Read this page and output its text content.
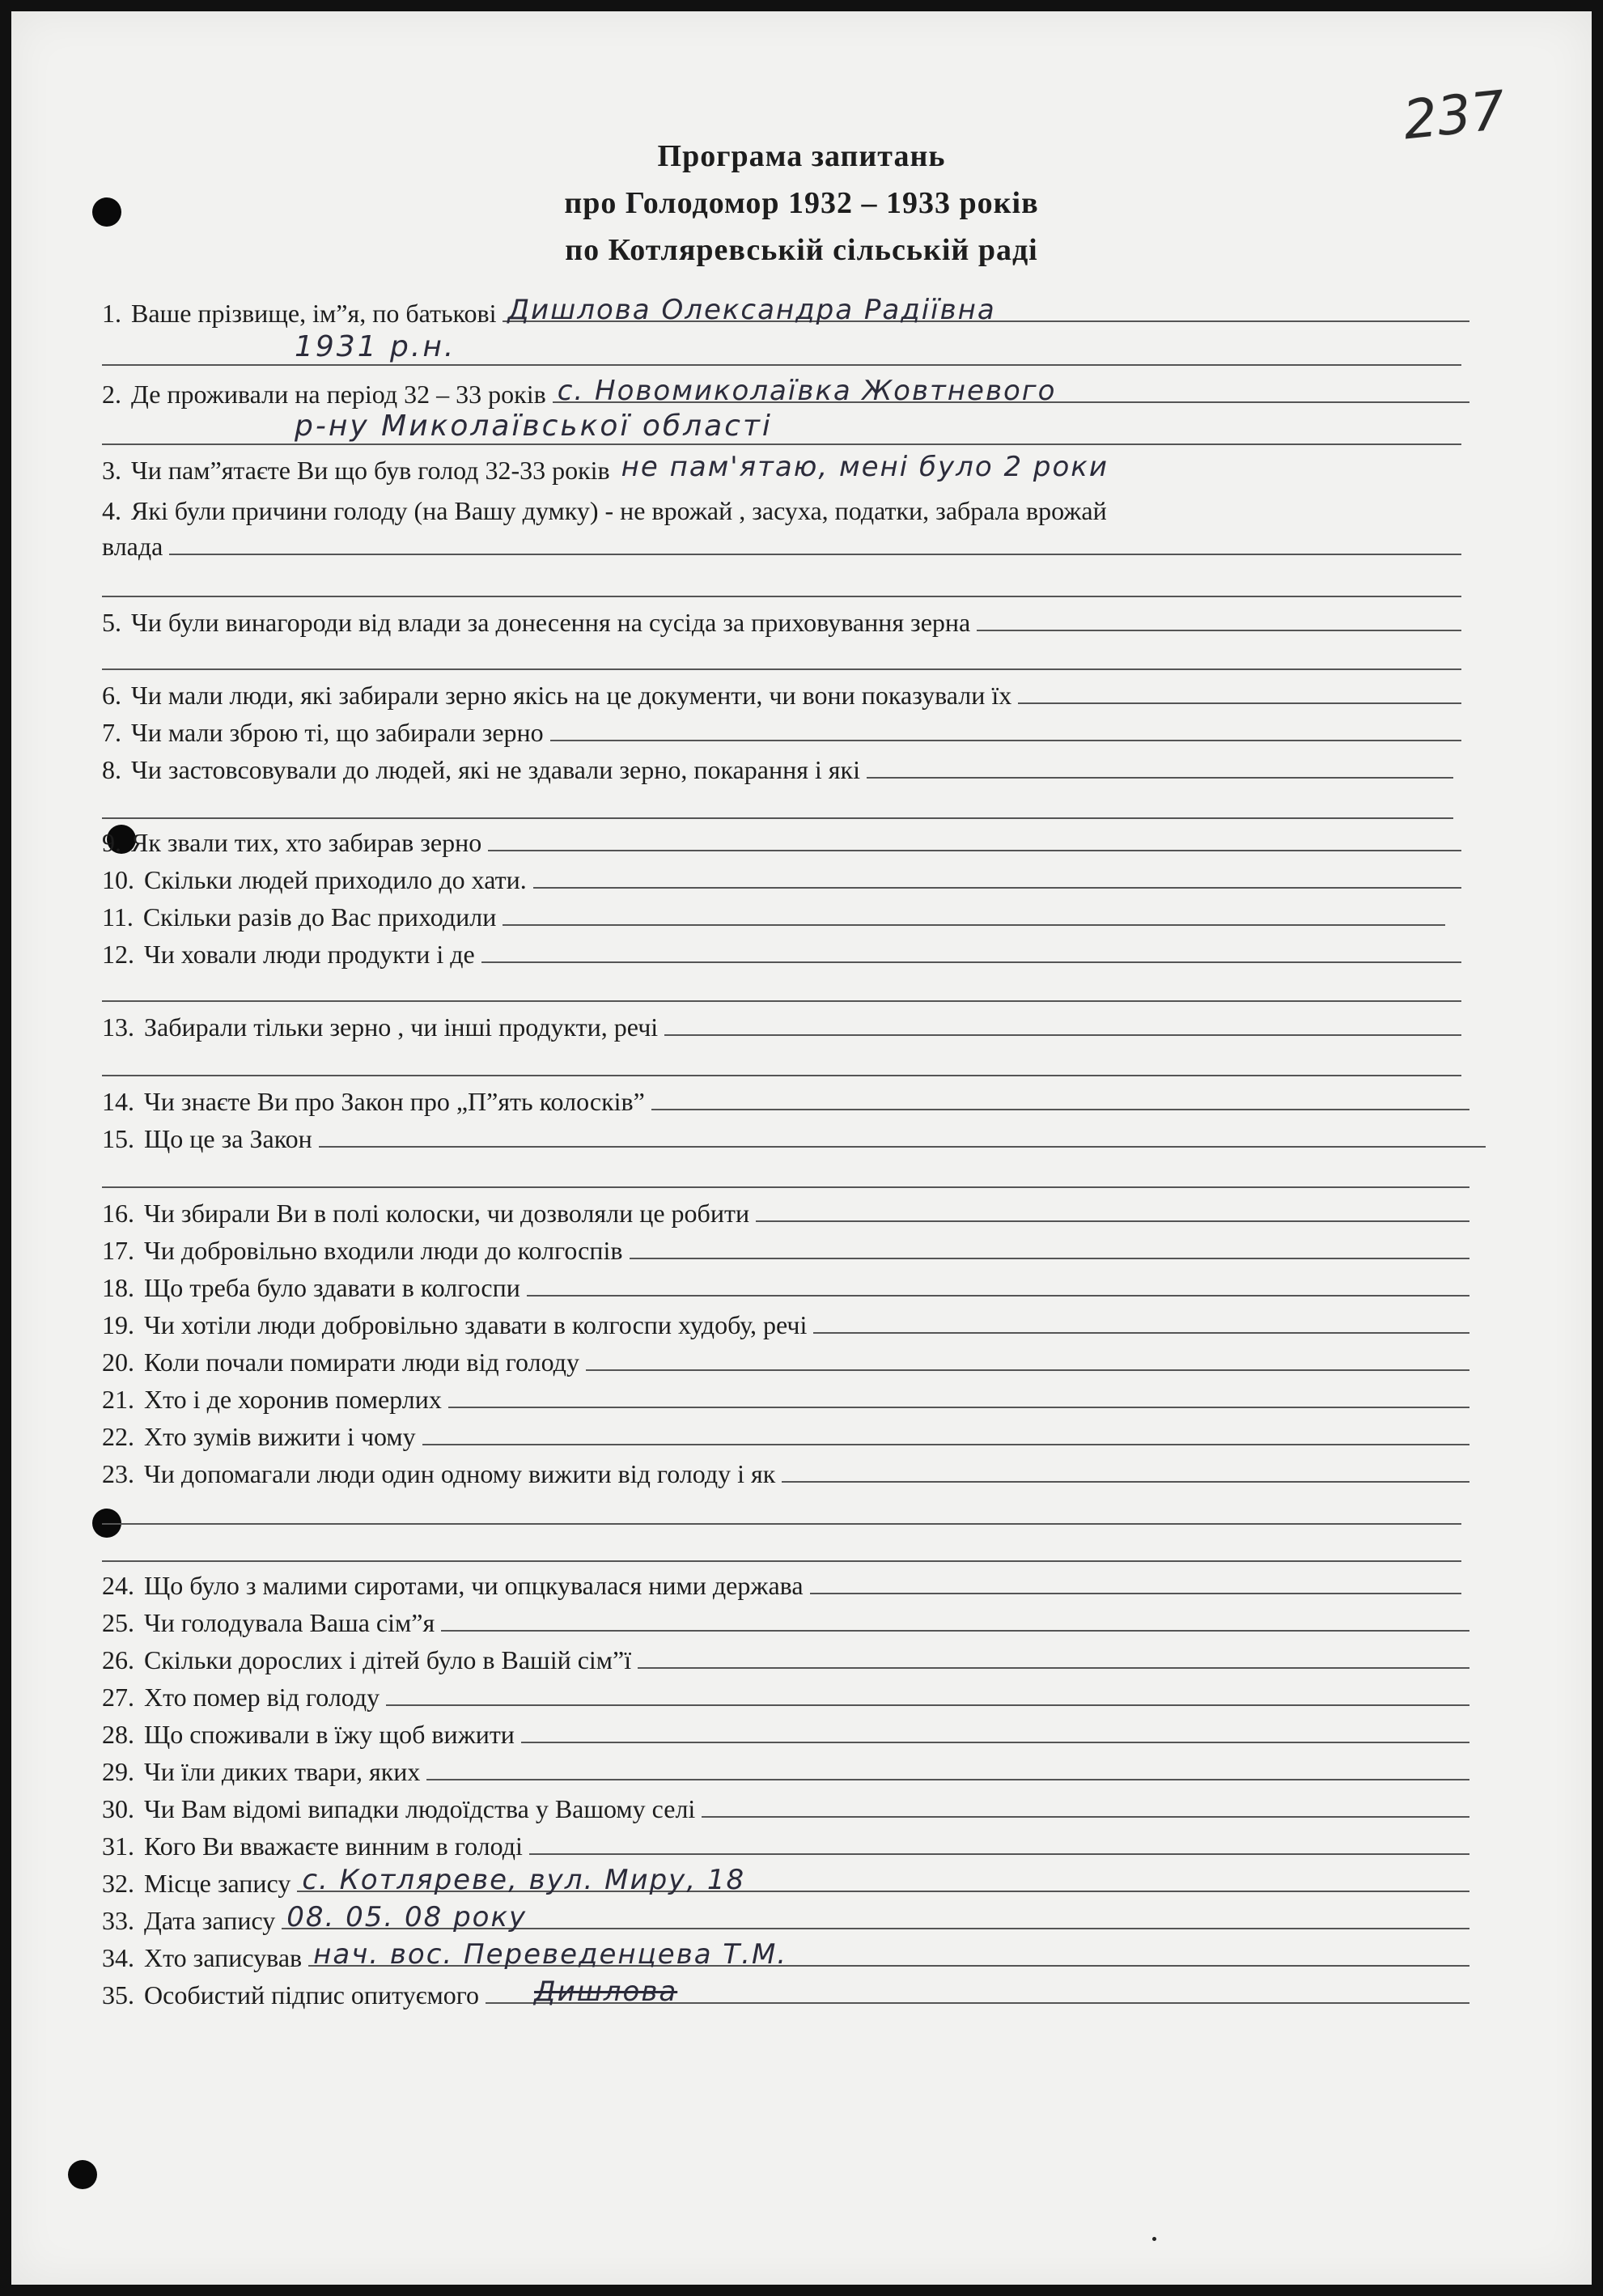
237
Програма запитань
про Голодомор 1932 – 1933 років
по Котляревській сільській раді
1. Ваше прізвище, ім”я, по батькові Дишлова Олександра Радіївна
1931 р.н.
2. Де проживали на період 32 – 33 років с. Новомиколаївка Жовтневого
р-ну Миколаївської області
3. Чи пам”ятаєте Ви що був голод 32-33 років не пам'ятаю, мені було 2 роки
4. Які були причини голоду (на Вашу думку) - не врожай , засуха, податки, забрала врожай
влада
5. Чи були винагороди від влади за донесення на сусіда за приховування зерна
6. Чи мали люди, які забирали зерно якісь на це документи, чи вони показували їх
7. Чи мали зброю ті, що забирали зерно
8. Чи застовсовували до людей, які не здавали зерно, покарання і які
9. Як звали тих, хто забирав зерно
10. Скільки людей приходило до хати.
11. Скільки разів до Вас приходили
12. Чи ховали люди продукти і де
13. Забирали тільки зерно , чи інші продукти, речі
14. Чи знаєте Ви про Закон про „П”ять колосків”
15. Що це за Закон
16. Чи збирали Ви в полі колоски, чи дозволяли це робити
17. Чи добровільно входили люди до колгоспів
18. Що треба було здавати в колгоспи
19. Чи хотіли люди добровільно здавати в колгоспи худобу, речі
20. Коли почали помирати люди від голоду
21. Хто і де хоронив померлих
22. Хто зумів вижити і чому
23. Чи допомагали люди один одному вижити від голоду і як
24. Що було з малими сиротами, чи опцкувалася ними держава
25. Чи голодувала Ваша сім”я
26. Скільки дорослих і дітей було в Вашій сім”ї
27. Хто помер від голоду
28. Що споживали в їжу щоб вижити
29. Чи їли диких твари, яких
30. Чи Вам відомі випадки людоїдства у Вашому селі
31. Кого Ви вважаєте винним в голоді
32. Місце запису с. Котляреве, вул. Миру, 18
33. Дата запису 08. 05. 08 року
34. Хто записував нач. вос. Переведенцева Т.М.
35. Особистий підпис опитуємого Дишлова
